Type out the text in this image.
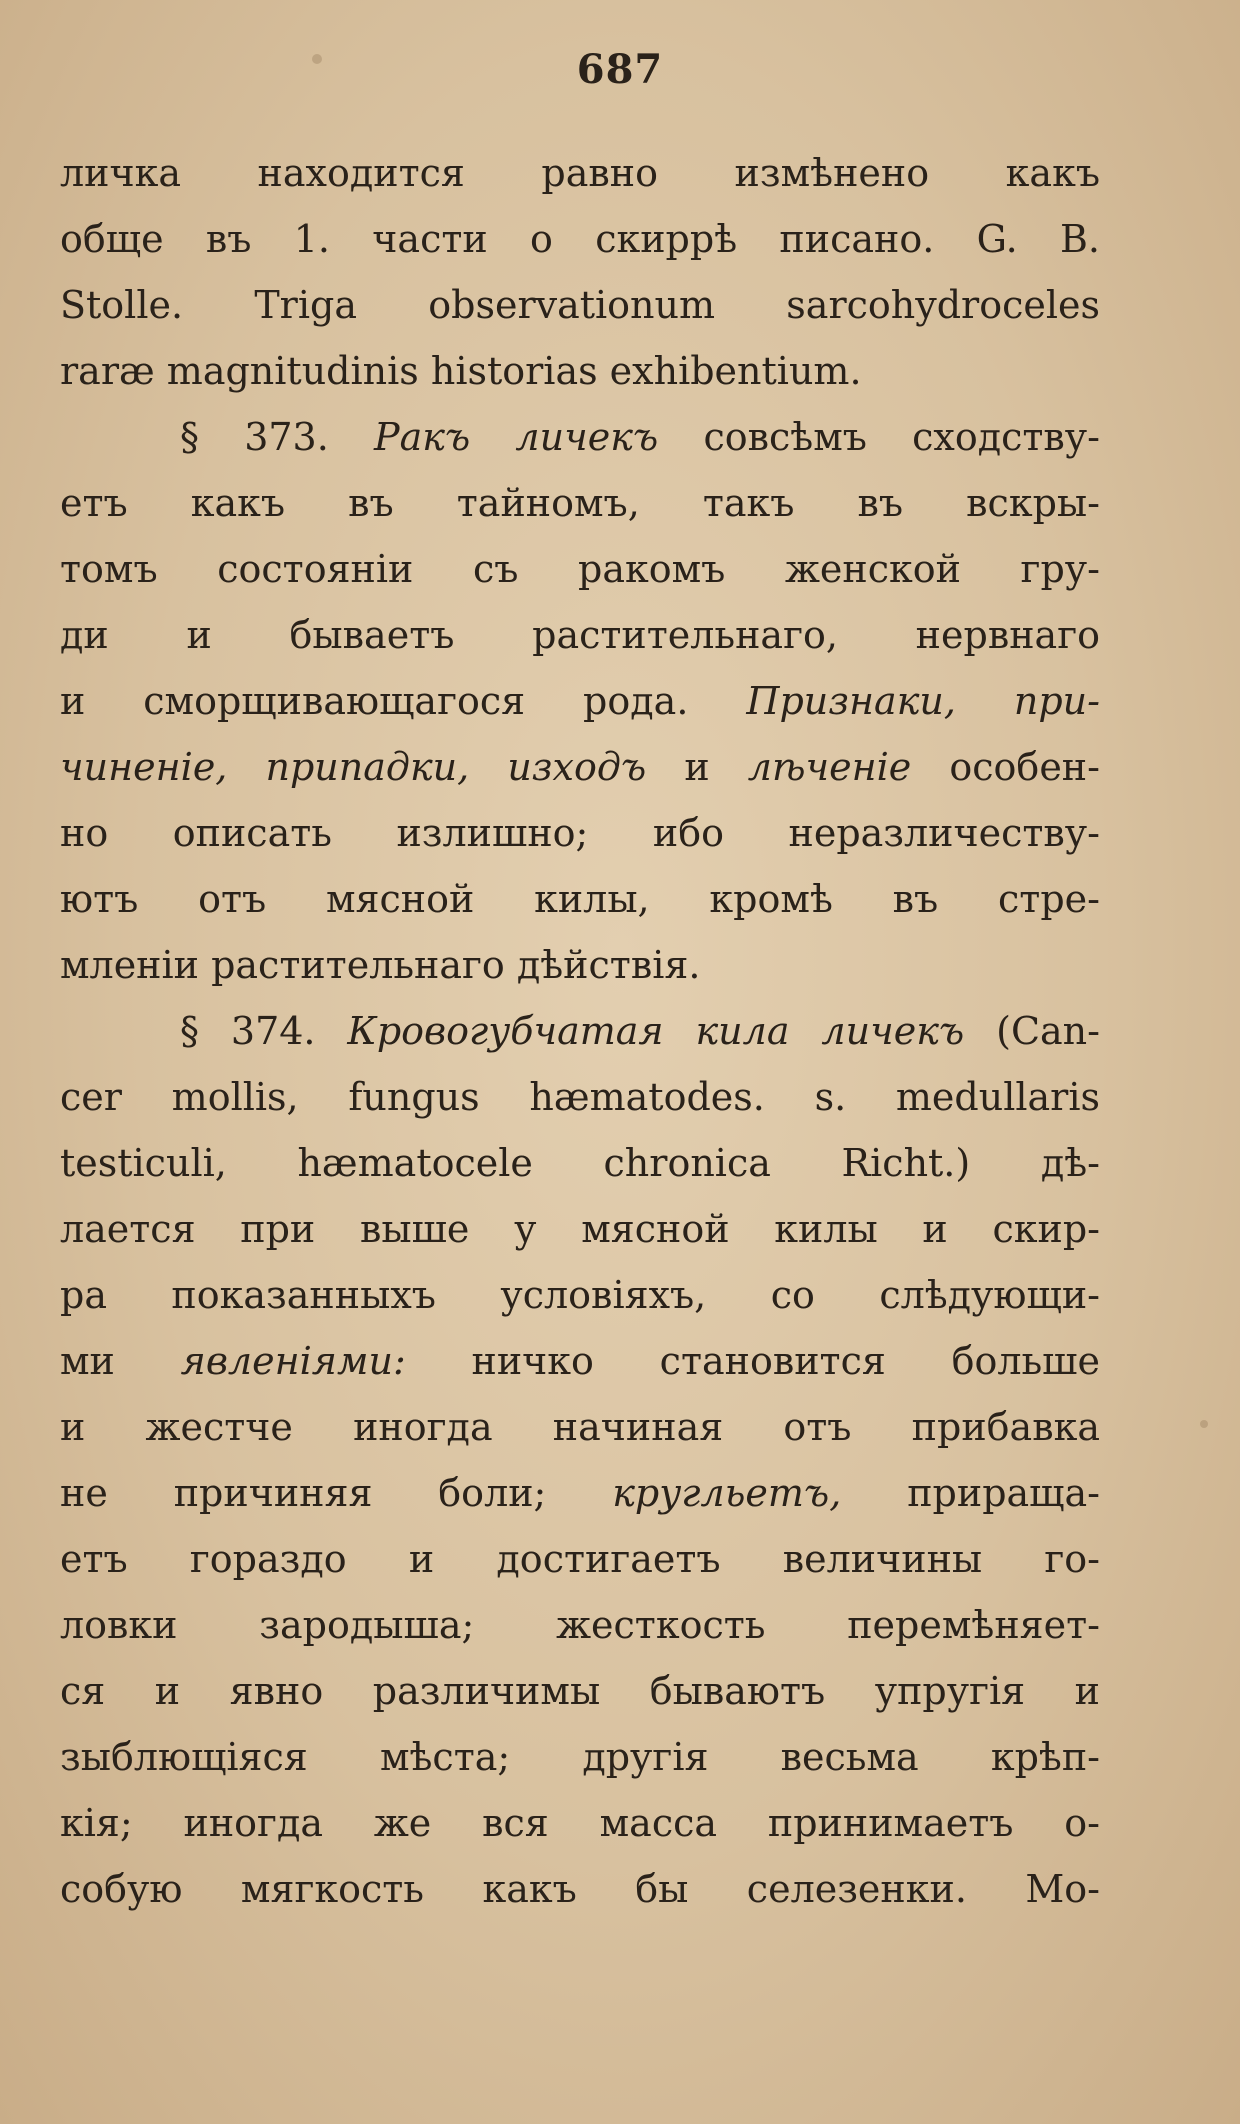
687
личка находится равно измѣнено какъ
обще въ 1. части о скиррѣ писано. G. B.
Stolle. Triga observationum sarcohydroceles
raræ magnitudinis historias exhibentium.
§ 373. Ракъ личекъ совсѣмъ сходству-
етъ какъ въ тайномъ, такъ въ вскры-
томъ состояніи съ ракомъ женской гру-
ди и бываетъ растительнаго, нервнаго
и сморщивающагося рода. Признаки, при-
чиненіе, припадки, изходъ и лѣченіе особен-
но описать излишно; ибо неразличеству-
ютъ отъ мясной килы, кромѣ въ стре-
мленіи растительнаго дѣйствія.
§ 374. Кровогубчатая кила личекъ (Can-
cer mollis, fungus hæmatodes. s. medullaris
testiculi, hæmatocele chronica Richt.) дѣ-
лается при выше у мясной килы и скир-
ра показанныхъ условіяхъ, со слѣдующи-
ми явленіями: ничко становится больше
и жестче иногда начиная отъ прибавка
не причиняя боли; кругльетъ, приращa-
етъ гораздо и достигаетъ величины го-
ловки зародыша; жесткость перемѣняет-
ся и явно различимы бываютъ упругія и
зыблющіяся мѣста; другія весьма крѣп-
кія; иногда же вся масса принимаетъ о-
собую мягкость какъ бы селезенки. Мо-
